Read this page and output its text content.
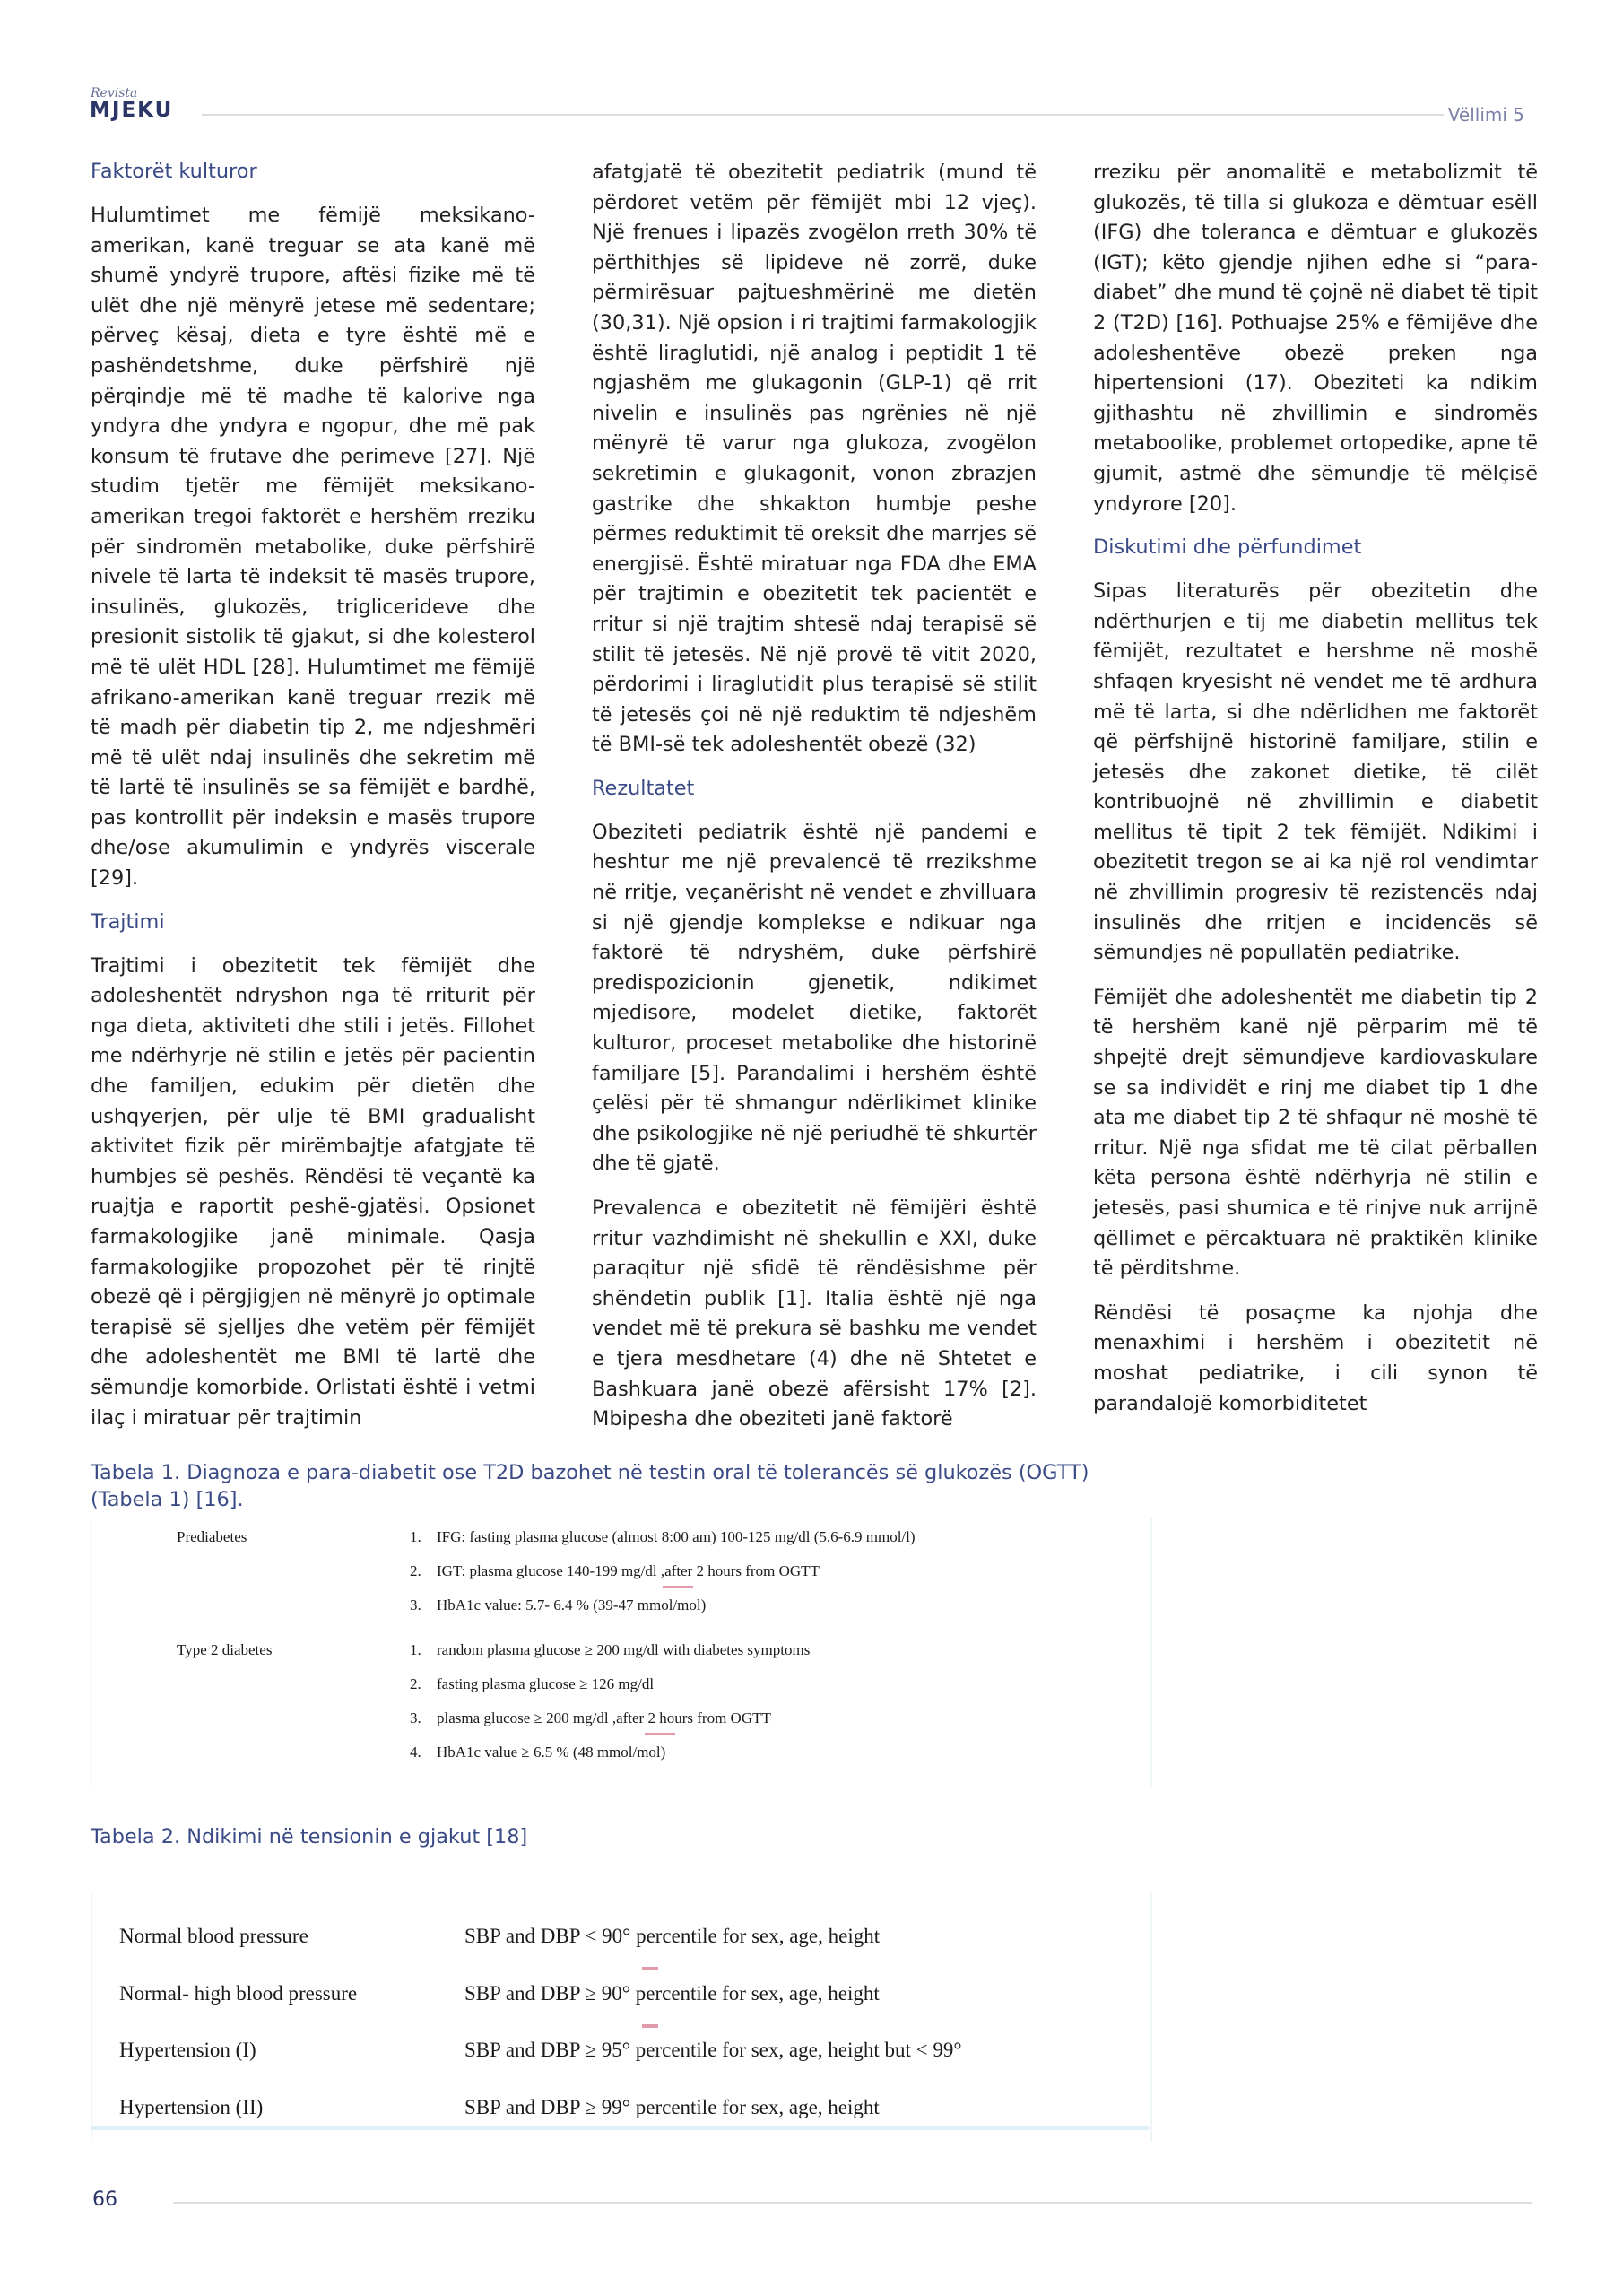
Revista
MJEKU	Vëllimi 5
Faktorët kulturor

Hulumtimet me fëmijë meksikano-amerikan, kanë treguar se ata kanë më shumë yndyrë trupore, aftësi fizike më të ulët dhe një mënyrë jetese më sedentare; përveç kësaj, dieta e tyre është më e pashëndetshme, duke përfshirë një përqindje më të madhe të kalorive nga yndyra dhe yndyra e ngopur, dhe më pak konsum të frutave dhe perimeve [27]. Një studim tjetër me fëmijët meksikano-amerikan tregoi faktorët e hershëm rreziku për sindromën metabolike, duke përfshirë nivele të larta të indeksit të masës trupore, insulinës, glukozës, triglicerideve dhe presionit sistolik të gjakut, si dhe kolesterol më të ulët HDL [28]. Hulumtimet me fëmijë afrikano-amerikan kanë treguar rrezik më të madh për diabetin tip 2, me ndjeshmëri më të ulët ndaj insulinës dhe sekretim më të lartë të insulinës se sa fëmijët e bardhë, pas kontrollit për indeksin e masës trupore dhe/ose akumulimin e yndyrës viscerale [29].

Trajtimi

Trajtimi i obezitetit tek fëmijët dhe adoleshentët ndryshon nga të rriturit për nga dieta, aktiviteti dhe stili i jetës. Fillohet me ndërhyrje në stilin e jetës për pacientin dhe familjen, edukim për dietën dhe ushqyerjen, për ulje të BMI gradualisht aktivitet fizik për mirëmbajtje afatgjate të humbjes së peshës. Rëndësi të veçantë ka ruajtja e raportit peshë-gjatësi. Opsionet farmakologjike janë minimale. Qasja farmakologjike propozohet për të rinjtë obezë që i përgjigjen në mënyrë jo optimale terapisë së sjelljes dhe vetëm për fëmijët dhe adoleshentët me BMI të lartë dhe sëmundje komorbide. Orlistati është i vetmi ilaç i miratuar për trajtimin

afatgjatë të obezitetit pediatrik (mund të përdoret vetëm për fëmijët mbi 12 vjeç). Një frenues i lipazës zvogëlon rreth 30% të përthithjes së lipideve në zorrë, duke përmirësuar pajtueshmërinë me dietën (30,31). Një opsion i ri trajtimi farmakologjik është liraglutidi, një analog i peptidit 1 të ngjashëm me glukagonin (GLP-1) që rrit nivelin e insulinës pas ngrënies në një mënyrë të varur nga glukoza, zvogëlon sekretimin e glukagonit, vonon zbrazjen gastrike dhe shkakton humbje peshe përmes reduktimit të oreksit dhe marrjes së energjisë. Është miratuar nga FDA dhe EMA për trajtimin e obezitetit tek pacientët e rritur si një trajtim shtesë ndaj terapisë së stilit të jetesës. Në një provë të vitit 2020, përdorimi i liraglutidit plus terapisë së stilit të jetesës çoi në një reduktim të ndjeshëm të BMI-së tek adoleshentët obezë (32)

Rezultatet

Obeziteti pediatrik është një pandemi e heshtur me një prevalencë të rrezikshme në rritje, veçanërisht në vendet e zhvilluara si një gjendje komplekse e ndikuar nga faktorë të ndryshëm, duke përfshirë predispozicionin gjenetik, ndikimet mjedisore, modelet dietike, faktorët kulturor, proceset metabolike dhe historinë familjare [5]. Parandalimi i hershëm është çelësi për të shmangur ndërlikimet klinike dhe psikologjike në një periudhë të shkurtër dhe të gjatë.

Prevalenca e obezitetit në fëmijëri është rritur vazhdimisht në shekullin e XXI, duke paraqitur një sfidë të rëndësishme për shëndetin publik [1]. Italia është një nga vendet më të prekura së bashku me vendet e tjera mesdhetare (4) dhe në Shtetet e Bashkuara janë obezë afërsisht 17% [2]. Mbipesha dhe obeziteti janë faktorë

rreziku për anomalitë e metabolizmit të glukozës, të tilla si glukoza e dëmtuar esëll (IFG) dhe toleranca e dëmtuar e glukozës (IGT); këto gjendje njihen edhe si “para-diabet” dhe mund të çojnë në diabet të tipit 2 (T2D) [16]. Pothuajse 25% e fëmijëve dhe adoleshentëve obezë preken nga hipertensioni (17). Obeziteti ka ndikim gjithashtu në zhvillimin e sindromës metaboolike, problemet ortopedike, apne të gjumit, astmë dhe sëmundje të mëlçisë yndyrore [20].

Diskutimi dhe përfundimet

Sipas literaturës për obezitetin dhe ndërthurjen e tij me diabetin mellitus tek fëmijët, rezultatet e hershme në moshë shfaqen kryesisht në vendet me të ardhura më të larta, si dhe ndërlidhen me faktorët që përfshijnë historinë familjare, stilin e jetesës dhe zakonet dietike, të cilët kontribuojnë në zhvillimin e diabetit mellitus të tipit 2 tek fëmijët. Ndikimi i obezitetit tregon se ai ka një rol vendimtar në zhvillimin progresiv të rezistencës ndaj insulinës dhe rritjen e incidencës së sëmundjes në popullatën pediatrike.

Fëmijët dhe adoleshentët me diabetin tip 2 të hershëm kanë një përparim më të shpejtë drejt sëmundjeve kardiovaskulare se sa individët e rinj me diabet tip 1 dhe ata me diabet tip 2 të shfaqur në moshë të rritur. Një nga sfidat me të cilat përballen këta persona është ndërhyrja në stilin e jetesës, pasi shumica e të rinjve nuk arrijnë qëllimet e përcaktuara në praktikën klinike të përditshme.

Rëndësi të posaçme ka njohja dhe menaxhimi i hershëm i obezitetit në moshat pediatrike, i cili synon të parandalojë komorbiditetet

Tabela 1. Diagnoza e para-diabetit ose T2D bazohet në testin oral të tolerancës së glukozës (OGTT) (Tabela 1) [16].
Prediabetes	1. IFG: fasting plasma glucose (almost 8:00 am) 100-125 mg/dl (5.6-6.9 mmol/l)
2. IGT: plasma glucose 140-199 mg/dl ,after 2 hours from OGTT
3. HbA1c value: 5.7- 6.4 % (39-47 mmol/mol)
Type 2 diabetes	1. random plasma glucose ≥ 200 mg/dl with diabetes symptoms
2. fasting plasma glucose ≥ 126 mg/dl
3. plasma glucose ≥ 200 mg/dl ,after 2 hours from OGTT
4. HbA1c value ≥ 6.5 % (48 mmol/mol)
Tabela 2. Ndikimi në tensionin e gjakut [18]
Normal blood pressure	SBP and DBP < 90° percentile for sex, age, height
Normal- high blood pressure	SBP and DBP ≥ 90° percentile for sex, age, height
Hypertension (I)	SBP and DBP ≥ 95° percentile for sex, age, height but < 99°
Hypertension (II)	SBP and DBP ≥ 99° percentile for sex, age, height
66
